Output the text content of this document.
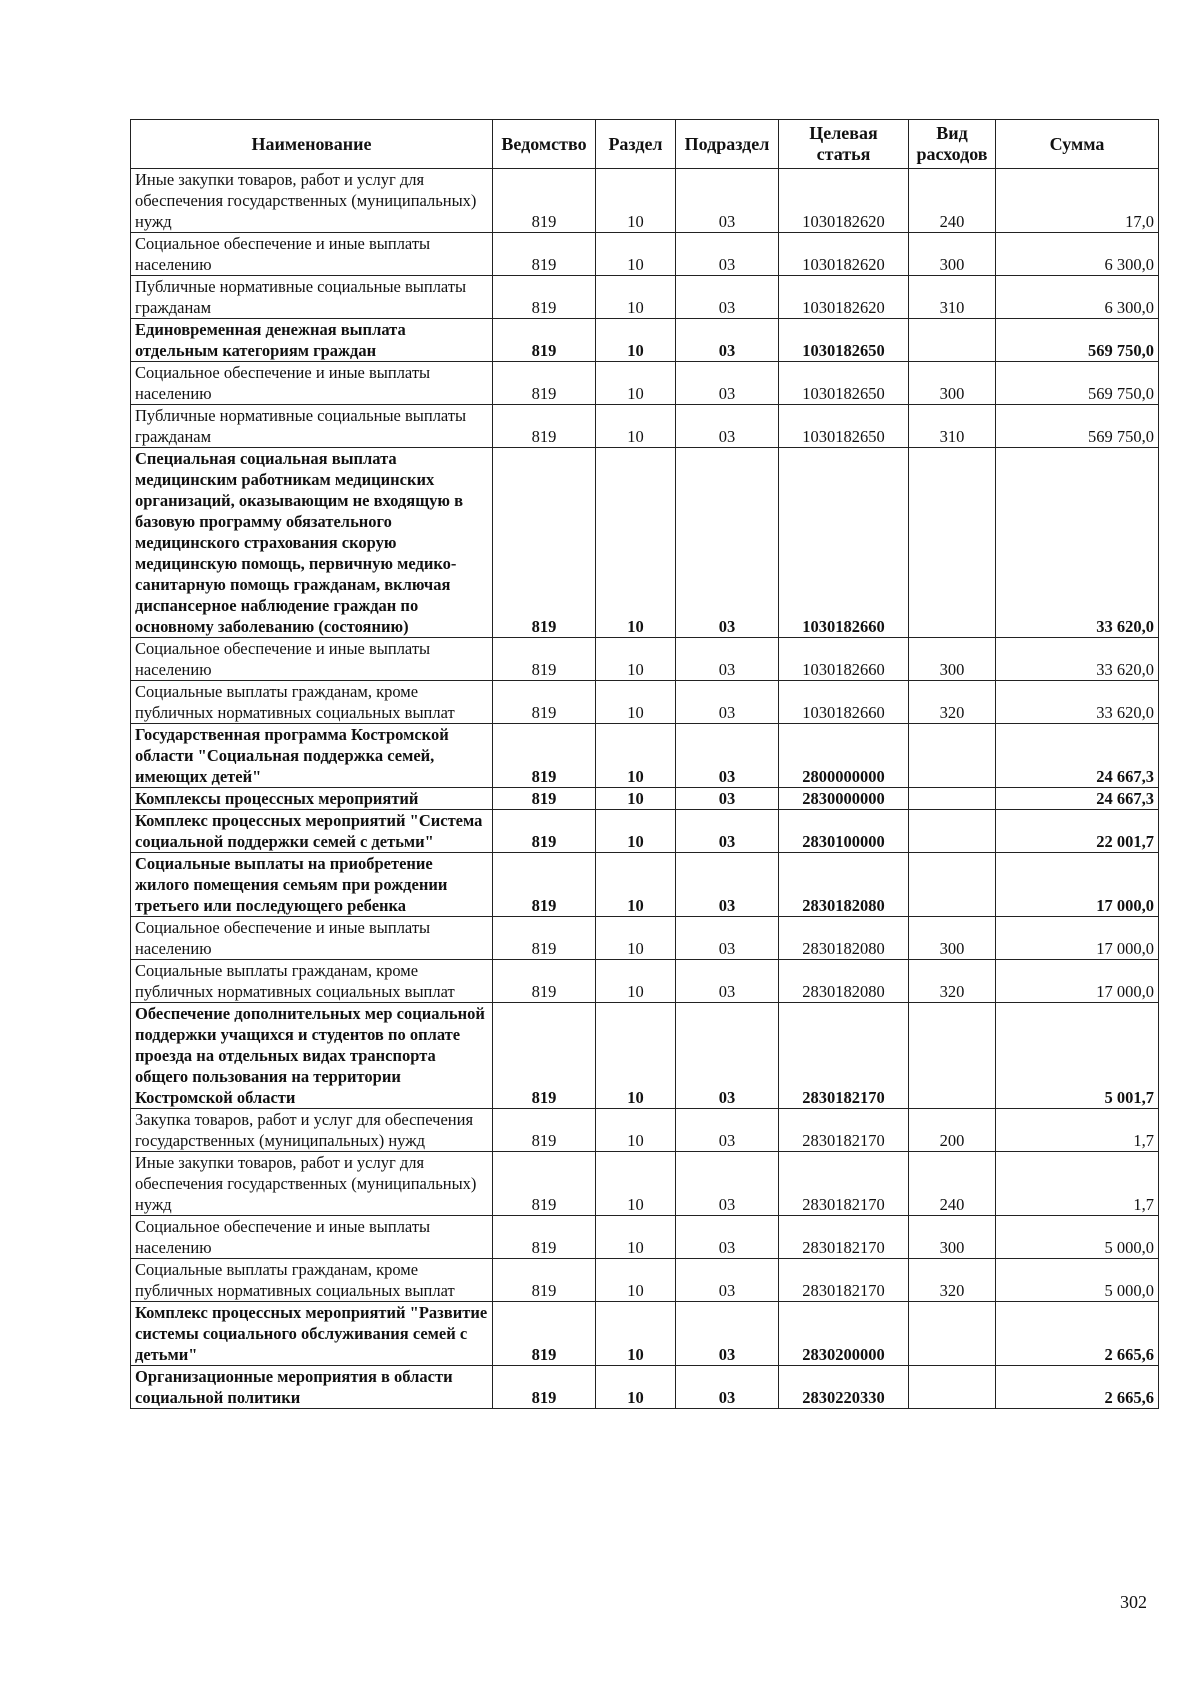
Наименование	Ведомство	Раздел	Подраздел	Целевая статья	Вид расходов	Сумма
Иные закупки товаров, работ и услуг для обеспечения государственных (муниципальных) нужд	819	10	03	1030182620	240	17,0
Социальное обеспечение и иные выплаты населению	819	10	03	1030182620	300	6 300,0
Публичные нормативные социальные выплаты гражданам	819	10	03	1030182620	310	6 300,0
Единовременная денежная выплата отдельным категориям граждан	819	10	03	1030182650		569 750,0
Социальное обеспечение и иные выплаты населению	819	10	03	1030182650	300	569 750,0
Публичные нормативные социальные выплаты гражданам	819	10	03	1030182650	310	569 750,0
Специальная социальная выплата медицинским работникам медицинских организаций, оказывающим не входящую в базовую программу обязательного медицинского страхования скорую медицинскую помощь, первичную медико-санитарную помощь гражданам, включая диспансерное наблюдение граждан по основному заболеванию (состоянию)	819	10	03	1030182660		33 620,0
Социальное обеспечение и иные выплаты населению	819	10	03	1030182660	300	33 620,0
Социальные выплаты гражданам, кроме публичных нормативных социальных выплат	819	10	03	1030182660	320	33 620,0
Государственная программа Костромской области "Социальная поддержка семей, имеющих детей"	819	10	03	2800000000		24 667,3
Комплексы процессных мероприятий	819	10	03	2830000000		24 667,3
Комплекс процессных мероприятий "Система социальной поддержки семей с детьми"	819	10	03	2830100000		22 001,7
Социальные выплаты на приобретение жилого помещения семьям при рождении третьего или последующего ребенка	819	10	03	2830182080		17 000,0
Социальное обеспечение и иные выплаты населению	819	10	03	2830182080	300	17 000,0
Социальные выплаты гражданам, кроме публичных нормативных социальных выплат	819	10	03	2830182080	320	17 000,0
Обеспечение дополнительных мер социальной поддержки учащихся и студентов по оплате проезда на отдельных видах транспорта общего пользования на территории Костромской области	819	10	03	2830182170		5 001,7
Закупка товаров, работ и услуг для обеспечения государственных (муниципальных) нужд	819	10	03	2830182170	200	1,7
Иные закупки товаров, работ и услуг для обеспечения государственных (муниципальных) нужд	819	10	03	2830182170	240	1,7
Социальное обеспечение и иные выплаты населению	819	10	03	2830182170	300	5 000,0
Социальные выплаты гражданам, кроме публичных нормативных социальных выплат	819	10	03	2830182170	320	5 000,0
Комплекс процессных мероприятий "Развитие системы социального обслуживания семей с детьми"	819	10	03	2830200000		2 665,6
Организационные мероприятия в области социальной политики	819	10	03	2830220330		2 665,6
302
